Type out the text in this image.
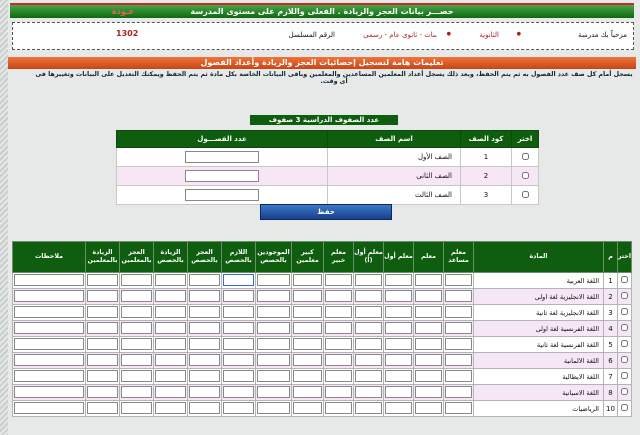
حصـــر بيانات العجز والزيادة . الفعلى واللازم على مستوى المدرسة
عـودة
مرحباً بك مدرسة
●
الثانوية
●
بنات - ثانوى عام - رسمى
الرقم المسلسل
1302
تعليمات هامة لتسجيل إحصائيات العجز والزيادة وأعداد الفصول
يسجل أمام كل صف عدد الفصول به ثم يتم الحفظ، وبعد ذلك يسجل أعداد المعلمين المساعدين والمعلمين وباقى البيانات الخاصة بكل مادة ثم يتم الحفظ ويمكنك التعديل على البيانات وتغييرها فى أى وقت.
عدد الصفوف الدراسية 3 صفوف
اختر	كود الصف	اسم الصف	عدد الفصـــول
	1	الصف الأول	
	2	الصف الثانى	
	3	الصف الثالث	
حفظ
اختر	م	المادة	معلم مساعد	معلم	معلم أول	معلم أول (أ)	معلم خبير	كبير معلمين	الموجودين بالحصص	اللازم بالحصص	العجز بالحصص	الزيادة بالحصص	العجز بالمعلمين	الزيادة بالمعلمين	ملاحظات
	1	اللغة العربية													
	2	اللغة الانجليزية لغة اولى													
	3	اللغة الانجليزية لغة ثانية													
	4	اللغة الفرنسية لغة اولى													
	5	اللغة الفرنسية لغة ثانية													
	6	اللغة الالمانية													
	7	اللغة الايطالية													
	8	اللغة الاسبانية													
	10	الرياضيات													
